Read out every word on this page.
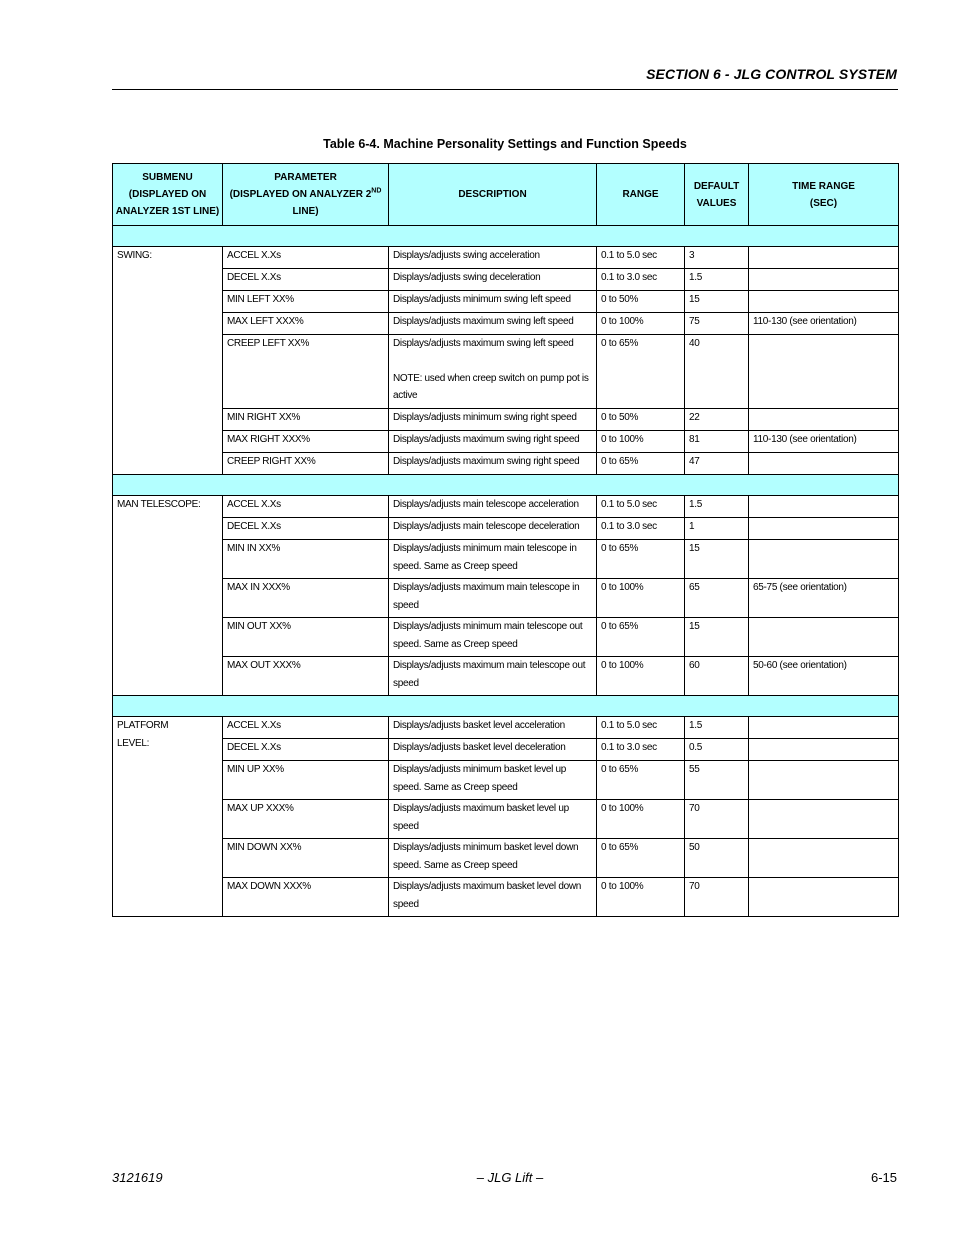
SECTION 6 - JLG CONTROL SYSTEM
Table 6-4. Machine Personality Settings and Function Speeds
SUBMENU
(DISPLAYED ON
ANALYZER 1ST LINE)	PARAMETER
(DISPLAYED ON ANALYZER 2ND
LINE)	DESCRIPTION	RANGE	DEFAULT
VALUES	TIME RANGE
(SEC)

SWING:	ACCEL X.Xs	Displays/adjusts swing acceleration	0.1 to 5.0 sec	3	
	DECEL X.Xs	Displays/adjusts swing deceleration	0.1 to 3.0 sec	1.5	
	MIN LEFT XX%	Displays/adjusts minimum swing left speed	0 to 50%	15	
	MAX LEFT XXX%	Displays/adjusts maximum swing left speed	0 to 100%	75	110-130 (see orientation)
	CREEP LEFT XX%	Displays/adjusts maximum swing left speed
NOTE: used when creep switch on pump pot is active	0 to 65%	40	
	MIN RIGHT XX%	Displays/adjusts minimum swing right speed	0 to 50%	22	
	MAX RIGHT XXX%	Displays/adjusts maximum swing right speed	0 to 100%	81	110-130 (see orientation)
	CREEP RIGHT XX%	Displays/adjusts maximum swing right speed	0 to 65%	47	

MAN TELESCOPE:	ACCEL X.Xs	Displays/adjusts main telescope acceleration	0.1 to 5.0 sec	1.5	
	DECEL X.Xs	Displays/adjusts main telescope deceleration	0.1 to 3.0 sec	1	
	MIN IN XX%	Displays/adjusts minimum main telescope in speed. Same as Creep speed	0 to 65%	15	
	MAX IN XXX%	Displays/adjusts maximum main telescope in speed	0 to 100%	65	65-75 (see orientation)
	MIN OUT XX%	Displays/adjusts minimum main telescope out speed. Same as Creep speed	0 to 65%	15	
	MAX OUT XXX%	Displays/adjusts maximum main telescope out speed	0 to 100%	60	50-60 (see orientation)

PLATFORM
LEVEL:	ACCEL X.Xs	Displays/adjusts basket level acceleration	0.1 to 5.0 sec	1.5	
	DECEL X.Xs	Displays/adjusts basket level deceleration	0.1 to 3.0 sec	0.5	
	MIN UP XX%	Displays/adjusts minimum basket level up speed. Same as Creep speed	0 to 65%	55	
	MAX UP XXX%	Displays/adjusts maximum basket level up speed	0 to 100%	70	
	MIN DOWN XX%	Displays/adjusts minimum basket level down speed. Same as Creep speed	0 to 65%	50	
	MAX DOWN XXX%	Displays/adjusts maximum basket level down speed	0 to 100%	70	
3121619	– JLG Lift –	6-15
